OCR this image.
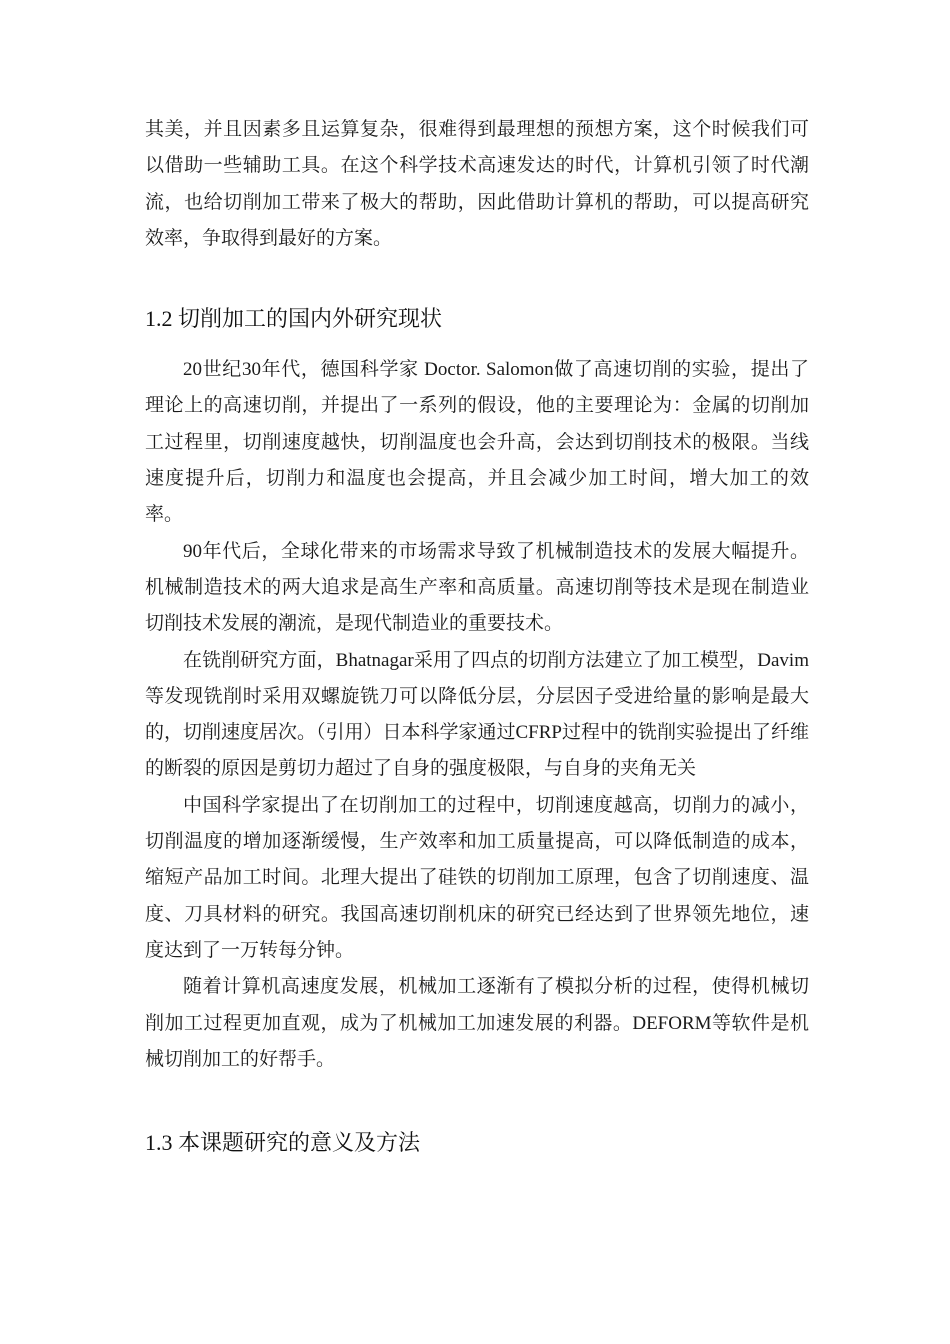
其美，并且因素多且运算复杂，很难得到最理想的预想方案，这个时候我们可以借助一些辅助工具。在这个科学技术高速发达的时代，计算机引领了时代潮流，也给切削加工带来了极大的帮助，因此借助计算机的帮助，可以提高研究效率，争取得到最好的方案。

1.2 切削加工的国内外研究现状

20世纪30年代，德国科学家 Doctor. Salomon做了高速切削的实验，提出了理论上的高速切削，并提出了一系列的假设，他的主要理论为：金属的切削加工过程里，切削速度越快，切削温度也会升高，会达到切削技术的极限。当线速度提升后，切削力和温度也会提高，并且会减少加工时间，增大加工的效率。

90年代后，全球化带来的市场需求导致了机械制造技术的发展大幅提升。机械制造技术的两大追求是高生产率和高质量。高速切削等技术是现在制造业切削技术发展的潮流，是现代制造业的重要技术。

在铣削研究方面，Bhatnagar采用了四点的切削方法建立了加工模型，Davim等发现铣削时采用双螺旋铣刀可以降低分层，分层因子受进给量的影响是最大的，切削速度居次。（引用）日本科学家通过CFRP过程中的铣削实验提出了纤维的断裂的原因是剪切力超过了自身的强度极限，与自身的夹角无关

中国科学家提出了在切削加工的过程中，切削速度越高，切削力的减小，切削温度的增加逐渐缓慢，生产效率和加工质量提高，可以降低制造的成本，缩短产品加工时间。北理大提出了硅铁的切削加工原理，包含了切削速度、温度、刀具材料的研究。我国高速切削机床的研究已经达到了世界领先地位，速度达到了一万转每分钟。

随着计算机高速度发展，机械加工逐渐有了模拟分析的过程，使得机械切削加工过程更加直观，成为了机械加工加速发展的利器。DEFORM等软件是机械切削加工的好帮手。

1.3 本课题研究的意义及方法
